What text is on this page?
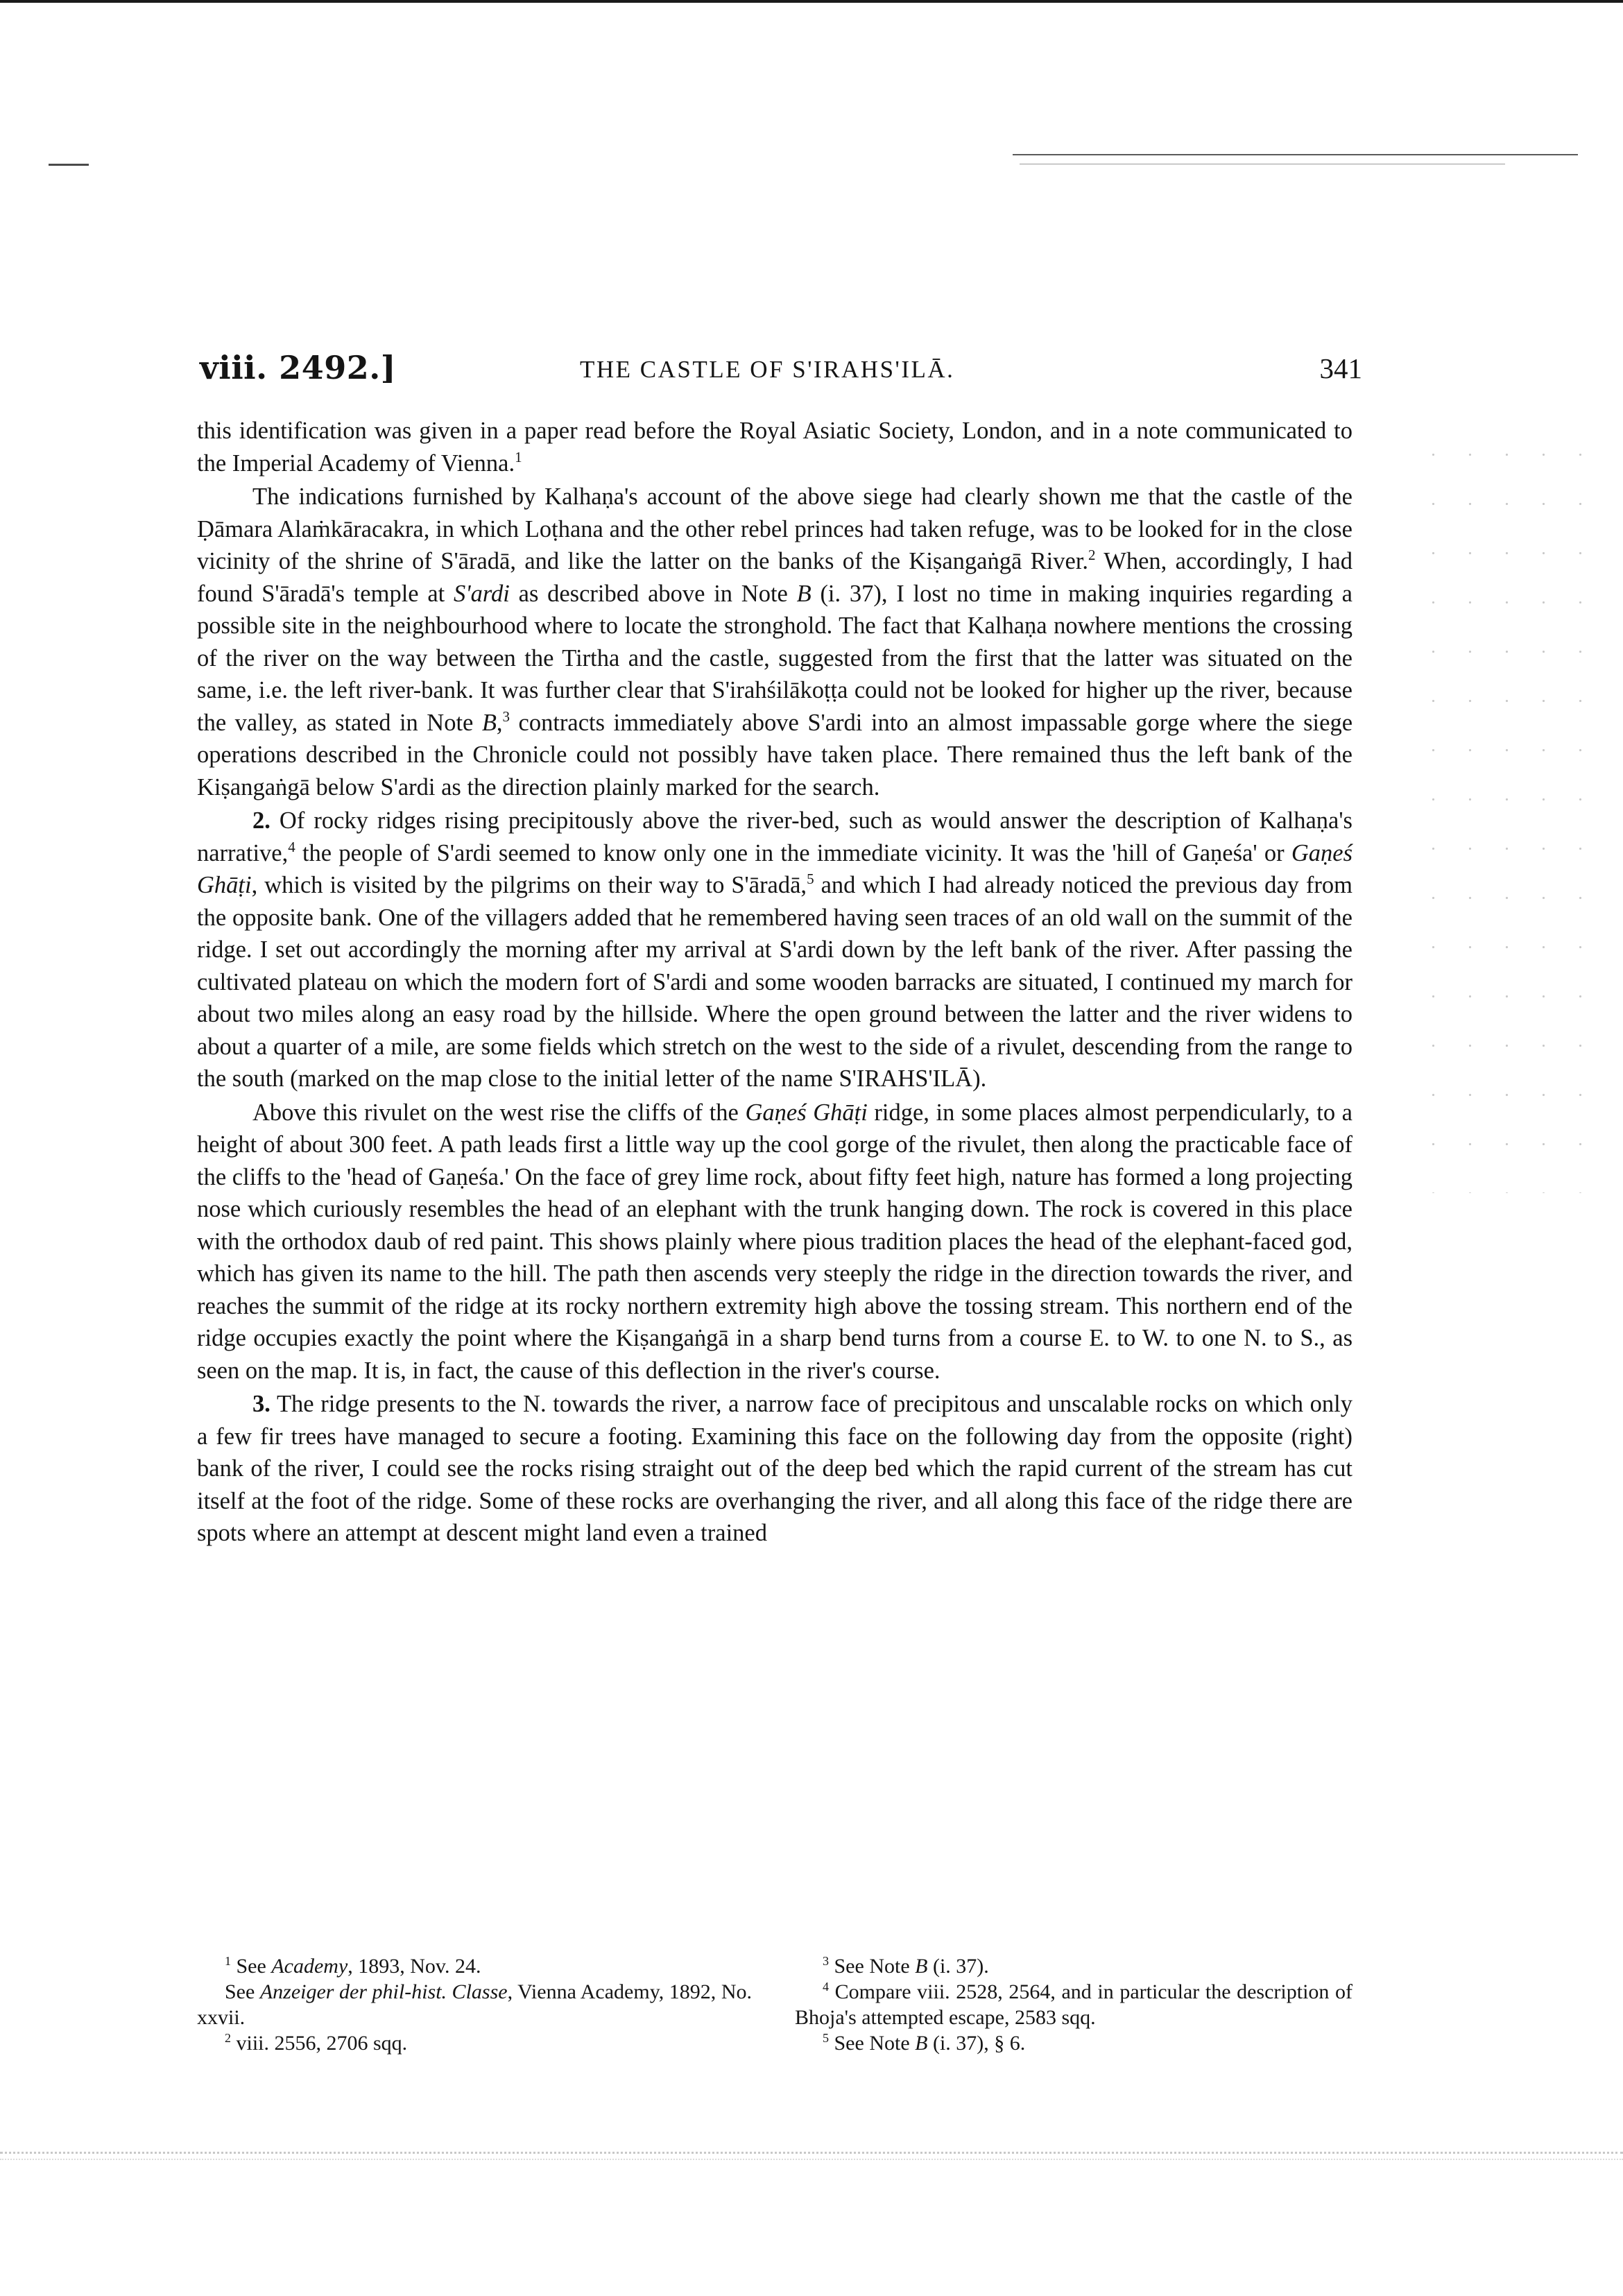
viii. 2492.]	THE CASTLE OF S'IRAHS'ILĀ.	341

this identification was given in a paper read before the Royal Asiatic Society, London, and in a note communicated to the Imperial Academy of Vienna.$^1$

The indications furnished by Kalhaṇa's account of the above siege had clearly shown me that the castle of the Ḍāmara Alaṁkāracakra, in which Loṭhana and the other rebel princes had taken refuge, was to be looked for in the close vicinity of the shrine of S'āradā, and like the latter on the banks of the Kiṣangaṅgā River.$^2$ When, accordingly, I had found S'āradā's temple at S'ardi as described above in Note B (i. 37), I lost no time in making inquiries regarding a possible site in the neighbourhood where to locate the stronghold. The fact that Kalhaṇa nowhere mentions the crossing of the river on the way between the Tirtha and the castle, suggested from the first that the latter was situated on the same, i.e. the left river-bank. It was further clear that S'irahśilākoṭṭa could not be looked for higher up the river, because the valley, as stated in Note B,$^3$ contracts immediately above S'ardi into an almost impassable gorge where the siege operations described in the Chronicle could not possibly have taken place. There remained thus the left bank of the Kiṣangaṅgā below S'ardi as the direction plainly marked for the search.

2. Of rocky ridges rising precipitously above the river-bed, such as would answer the description of Kalhaṇa's narrative,$^4$ the people of S'ardi seemed to know only one in the immediate vicinity. It was the 'hill of Gaṇeśa' or Gaṇeś Ghāṭi, which is visited by the pilgrims on their way to S'āradā,$^5$ and which I had already noticed the previous day from the opposite bank. One of the villagers added that he remembered having seen traces of an old wall on the summit of the ridge. I set out accordingly the morning after my arrival at S'ardi down by the left bank of the river. After passing the cultivated plateau on which the modern fort of S'ardi and some wooden barracks are situated, I continued my march for about two miles along an easy road by the hillside. Where the open ground between the latter and the river widens to about a quarter of a mile, are some fields which stretch on the west to the side of a rivulet, descending from the range to the south (marked on the map close to the initial letter of the name S'IRAHS'ILĀ).

Above this rivulet on the west rise the cliffs of the Gaṇeś Ghāṭi ridge, in some places almost perpendicularly, to a height of about 300 feet. A path leads first a little way up the cool gorge of the rivulet, then along the practicable face of the cliffs to the 'head of Gaṇeśa.' On the face of grey lime rock, about fifty feet high, nature has formed a long projecting nose which curiously resembles the head of an elephant with the trunk hanging down. The rock is covered in this place with the orthodox daub of red paint. This shows plainly where pious tradition places the head of the elephant-faced god, which has given its name to the hill. The path then ascends very steeply the ridge in the direction towards the river, and reaches the summit of the ridge at its rocky northern extremity high above the tossing stream. This northern end of the ridge occupies exactly the point where the Kiṣangaṅgā in a sharp bend turns from a course E. to W. to one N. to S., as seen on the map. It is, in fact, the cause of this deflection in the river's course.

3. The ridge presents to the N. towards the river, a narrow face of precipitous and unscalable rocks on which only a few fir trees have managed to secure a footing. Examining this face on the following day from the opposite (right) bank of the river, I could see the rocks rising straight out of the deep bed which the rapid current of the stream has cut itself at the foot of the ridge. Some of these rocks are overhanging the river, and all along this face of the ridge there are spots where an attempt at descent might land even a trained

$^1$ See Academy, 1893, Nov. 24.

See Anzeiger der phil-hist. Classe, Vienna Academy, 1892, No. xxvii.

$^2$ viii. 2556, 2706 sqq.

$^3$ See Note B (i. 37).

$^4$ Compare viii. 2528, 2564, and in particular the description of Bhoja's attempted escape, 2583 sqq.

$^5$ See Note B (i. 37), § 6.
